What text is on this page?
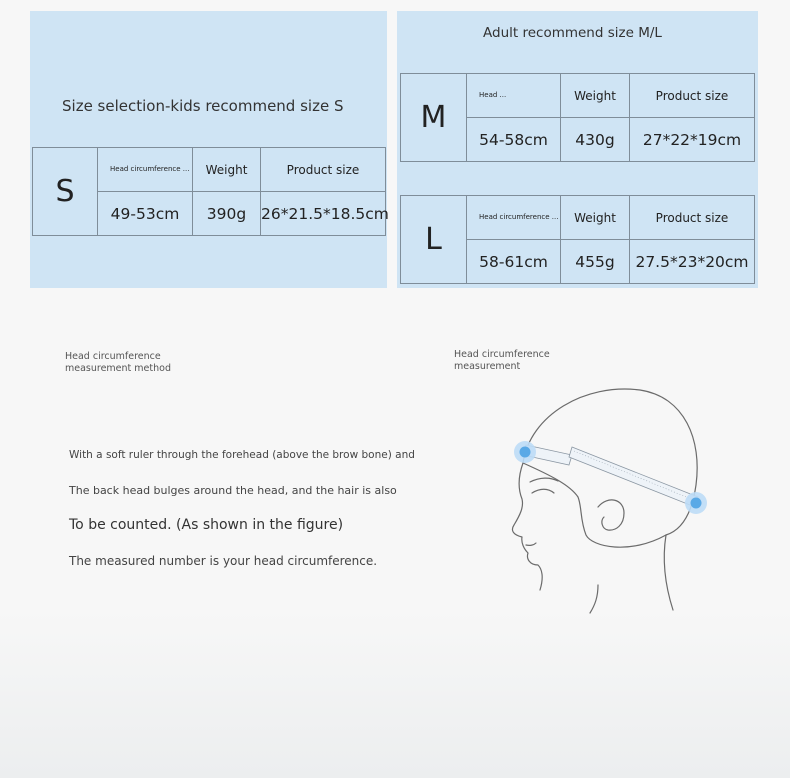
Size selection-kids recommend size S
S	Head circumference ...	Weight	Product size
	49-53cm	390g	26*21.5*18.5cm
Adult recommend size M/L
M	Head ...	Weight	Product size
	54-58cm	430g	27*22*19cm
L	Head circumference ...	Weight	Product size
	58-61cm	455g	27.5*23*20cm
Head circumference
measurement method
With a soft ruler through the forehead (above the brow bone) and
The back head bulges around the head, and the hair is also
To be counted. (As shown in the figure)
The measured number is your head circumference.
Head circumference
measurement
